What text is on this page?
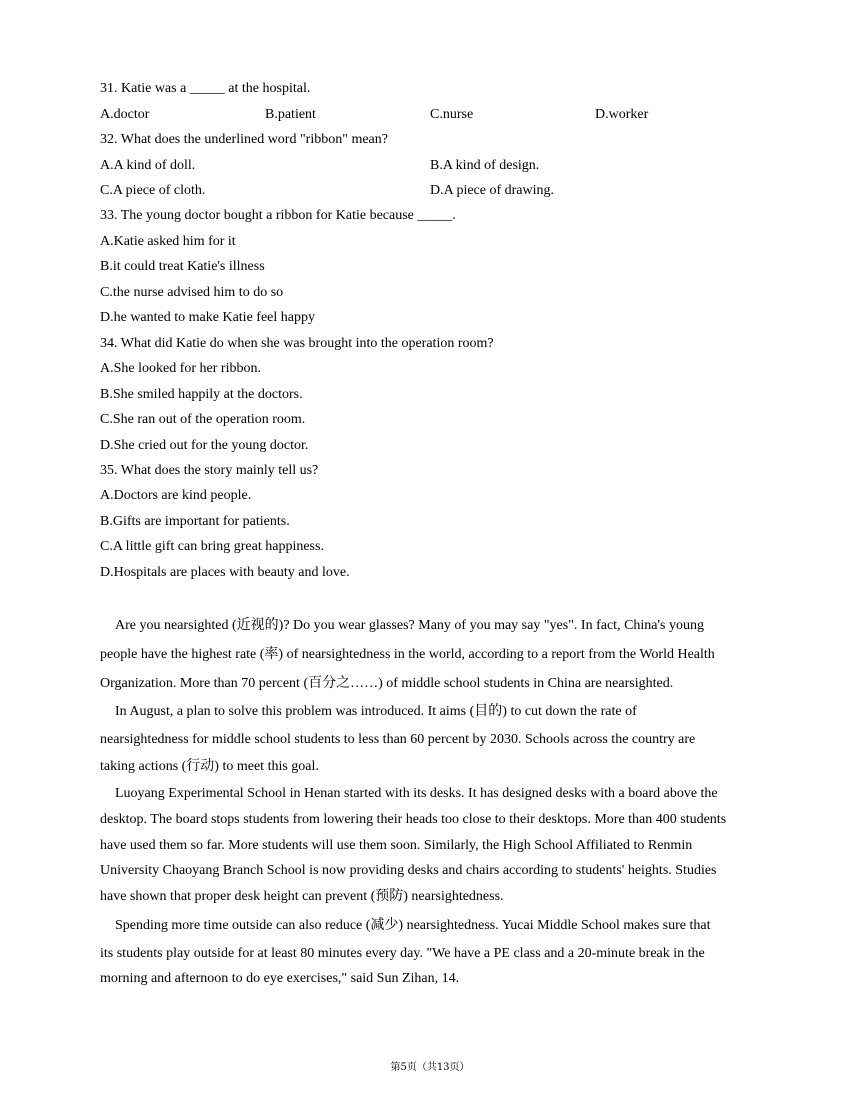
31. Katie was a _____ at the hospital.
A.doctor	B.patient	C.nurse	D.worker
32. What does the underlined word "ribbon" mean?
A.A kind of doll.	B.A kind of design.
C.A piece of cloth.	D.A piece of drawing.
33. The young doctor bought a ribbon for Katie because _____.
A.Katie asked him for it
B.it could treat Katie's illness
C.the nurse advised him to do so
D.he wanted to make Katie feel happy
34. What did Katie do when she was brought into the operation room?
A.She looked for her ribbon.
B.She smiled happily at the doctors.
C.She ran out of the operation room.
D.She cried out for the young doctor.
35. What does the story mainly tell us?
A.Doctors are kind people.
B.Gifts are important for patients.
C.A little gift can bring great happiness.
D.Hospitals are places with beauty and love.
Are you nearsighted (近视的)? Do you wear glasses? Many of you may say "yes". In fact, China's young
people have the highest rate (率) of nearsightedness in the world, according to a report from the World Health
Organization. More than 70 percent (百分之……) of middle school students in China are nearsighted.
In August, a plan to solve this problem was introduced. It aims (目的) to cut down the rate of
nearsightedness for middle school students to less than 60 percent by 2030. Schools across the country are
taking actions (行动) to meet this goal.
Luoyang Experimental School in Henan started with its desks. It has designed desks with a board above the
desktop. The board stops students from lowering their heads too close to their desktops. More than 400 students
have used them so far. More students will use them soon. Similarly, the High School Affiliated to Renmin
University Chaoyang Branch School is now providing desks and chairs according to students' heights. Studies
have shown that proper desk height can prevent (预防) nearsightedness.
Spending more time outside can also reduce (减少) nearsightedness. Yucai Middle School makes sure that
its students play outside for at least 80 minutes every day. "We have a PE class and a 20-minute break in the
morning and afternoon to do eye exercises," said Sun Zihan, 14.
第5页（共13页）
